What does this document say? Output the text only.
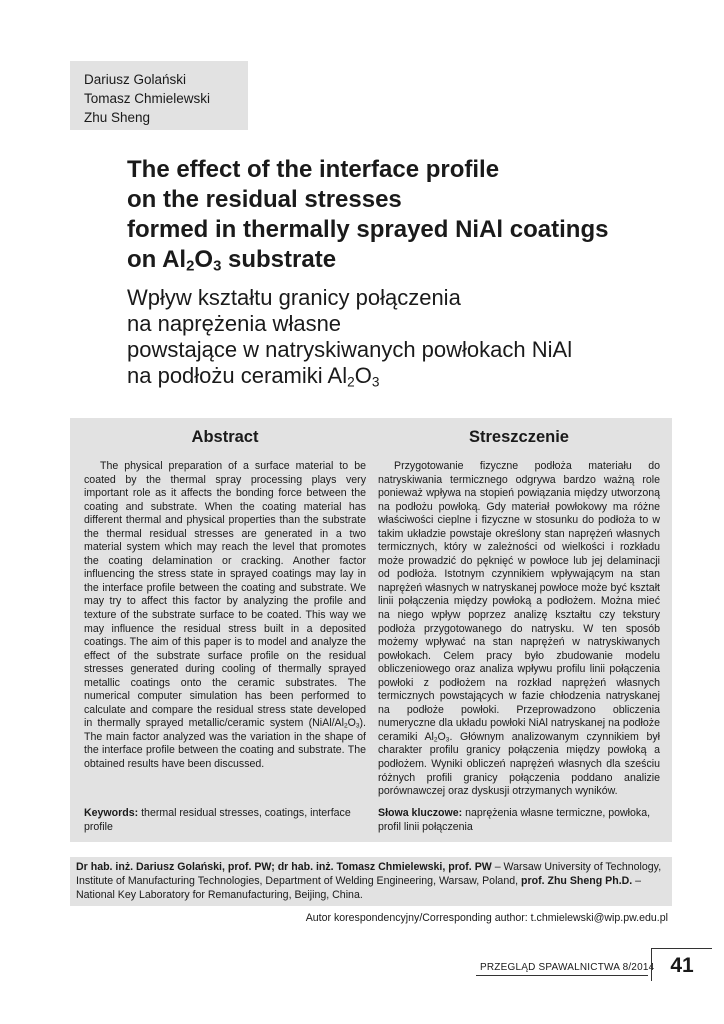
Dariusz Golański
Tomasz Chmielewski
Zhu Sheng
The effect of the interface profile
on the residual stresses
formed in thermally sprayed NiAl coatings
on $Al_2O_3$ substrate
Wpływ kształtu granicy połączenia
na naprężenia własne
powstające w natryskiwanych powłokach NiAl
na podłożu ceramiki $Al_2O_3$
Abstract

The physical preparation of a surface material to be coated by the thermal spray processing plays very important role as it affects the bonding force between the coating and substrate. When the coating material has different thermal and physical properties than the substrate the thermal residual stresses are generated in a two material system which may reach the level that promotes the coating delamination or cracking. Another factor influencing the stress state in sprayed coatings may lay in the interface profile between the coating and substrate. We may try to affect this factor by analyzing the profile and texture of the substrate surface to be coated. This way we may influence the residual stress built in a deposited coatings. The aim of this paper is to model and analyze the effect of the substrate surface profile on the residual stresses generated during cooling of thermally sprayed metallic coatings onto the ceramic substrates. The numerical computer simulation has been performed to calculate and compare the residual stress state developed in thermally sprayed metallic/ceramic system $(NiAl/Al_2O_3)$. The main factor analyzed was the variation in the shape of the interface profile between the coating and substrate. The obtained results have been discussed.

Keywords: thermal residual stresses, coatings, interface profile

Streszczenie

Przygotowanie fizyczne podłoża materiału do natryskiwania termicznego odgrywa bardzo ważną role ponieważ wpływa na stopień powiązania między utworzoną na podłożu powłoką. Gdy materiał powłokowy ma różne właściwości cieplne i fizyczne w stosunku do podłoża to w takim układzie powstaje określony stan naprężeń własnych termicznych, który w zależności od wielkości i rozkładu może prowadzić do pęknięć w powłoce lub jej delaminacji od podłoża. Istotnym czynnikiem wpływającym na stan naprężeń własnych w natryskanej powłoce może być kształt linii połączenia między powłoką a podłożem. Można mieć na niego wpływ poprzez analizę kształtu czy tekstury podłoża przygotowanego do natrysku. W ten sposób możemy wpływać na stan naprężeń w natryskiwanych powłokach. Celem pracy było zbudowanie modelu obliczeniowego oraz analiza wpływu profilu linii połączenia powłoki z podłożem na rozkład naprężeń własnych termicznych powstających w fazie chłodzenia natryskanej na podłoże powłoki. Przeprowadzono obliczenia numeryczne dla układu powłoki NiAl natryskanej na podłoże ceramiki $Al_2O_3$. Głównym analizowanym czynnikiem był charakter profilu granicy połączenia między powłoką a podłożem. Wyniki obliczeń naprężeń własnych dla sześciu różnych profili granicy połączenia poddano analizie porównawczej oraz dyskusji otrzymanych wyników.

Słowa kluczowe: naprężenia własne termiczne, powłoka, profil linii połączenia

Dr hab. inż. Dariusz Golański, prof. PW; dr hab. inż. Tomasz Chmielewski, prof. PW – Warsaw University of Technology, Institute of Manufacturing Technologies, Department of Welding Engineering, Warsaw, Poland, prof. Zhu Sheng Ph.D. – National Key Laboratory for Remanufacturing, Beijing, China.
Autor korespondencyjny/Corresponding author: t.chmielewski@wip.pw.edu.pl
PRZEGLĄD SPAWALNICTWA 8/2014 41
